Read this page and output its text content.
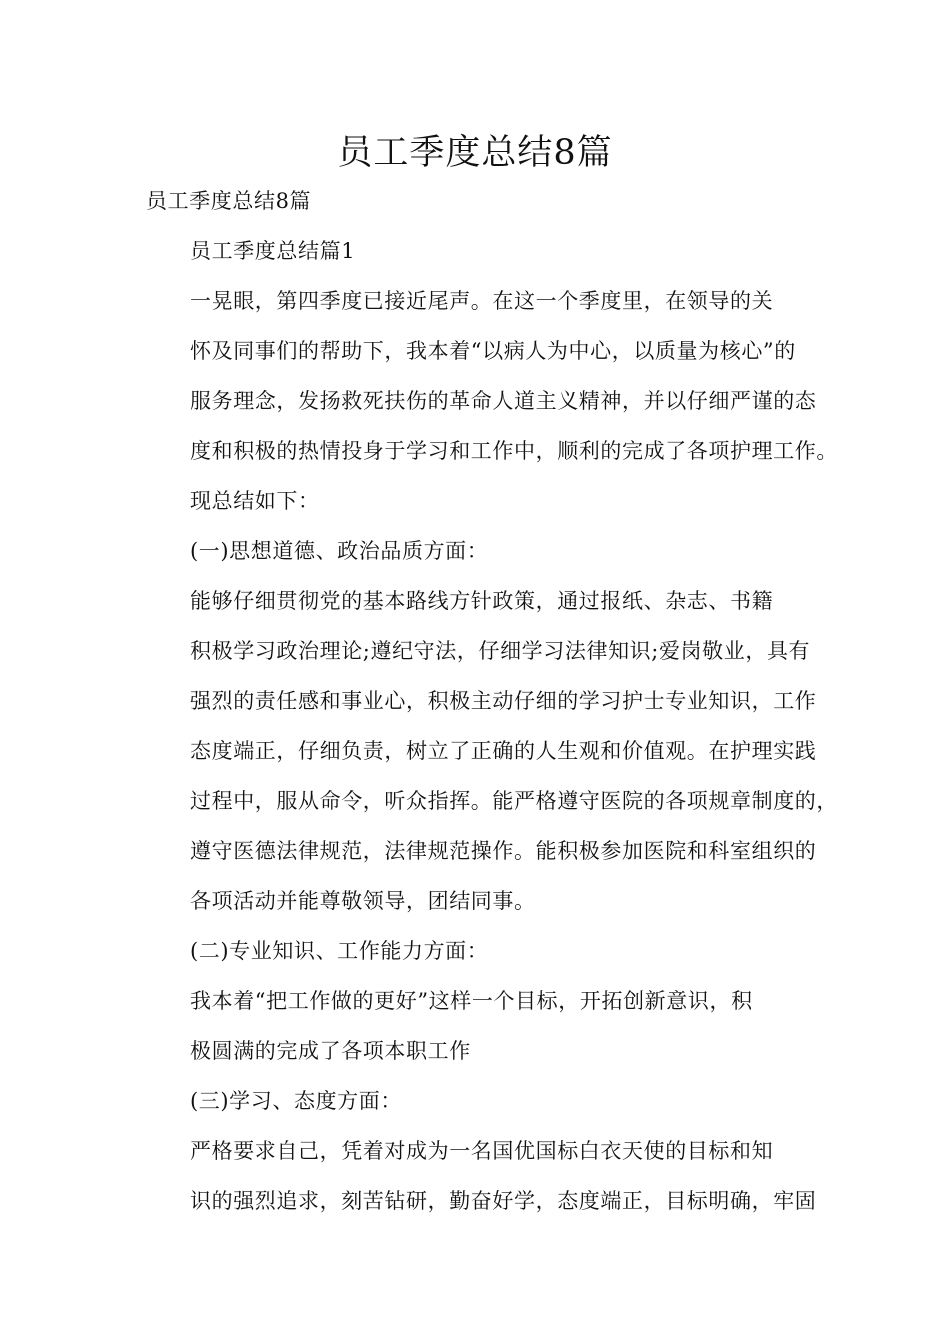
员工季度总结8篇

员工季度总结8篇

员工季度总结篇1

一晃眼，第四季度已接近尾声。在这一个季度里，在领导的关
怀及同事们的帮助下，我本着“以病人为中心，以质量为核心”的
服务理念，发扬救死扶伤的革命人道主义精神，并以仔细严谨的态
度和积极的热情投身于学习和工作中，顺利的完成了各项护理工作。
现总结如下：

(一)思想道德、政治品质方面：

能够仔细贯彻党的基本路线方针政策，通过报纸、杂志、书籍
积极学习政治理论;遵纪守法，仔细学习法律知识;爱岗敬业，具有
强烈的责任感和事业心，积极主动仔细的学习护士专业知识，工作
态度端正，仔细负责，树立了正确的人生观和价值观。在护理实践
过程中，服从命令，听众指挥。能严格遵守医院的各项规章制度的，
遵守医德法律规范，法律规范操作。能积极参加医院和科室组织的
各项活动并能尊敬领导，团结同事。

(二)专业知识、工作能力方面：

我本着“把工作做的更好”这样一个目标，开拓创新意识，积
极圆满的完成了各项本职工作

(三)学习、态度方面：

严格要求自己，凭着对成为一名国优国标白衣天使的目标和知
识的强烈追求，刻苦钻研，勤奋好学，态度端正，目标明确，牢固
